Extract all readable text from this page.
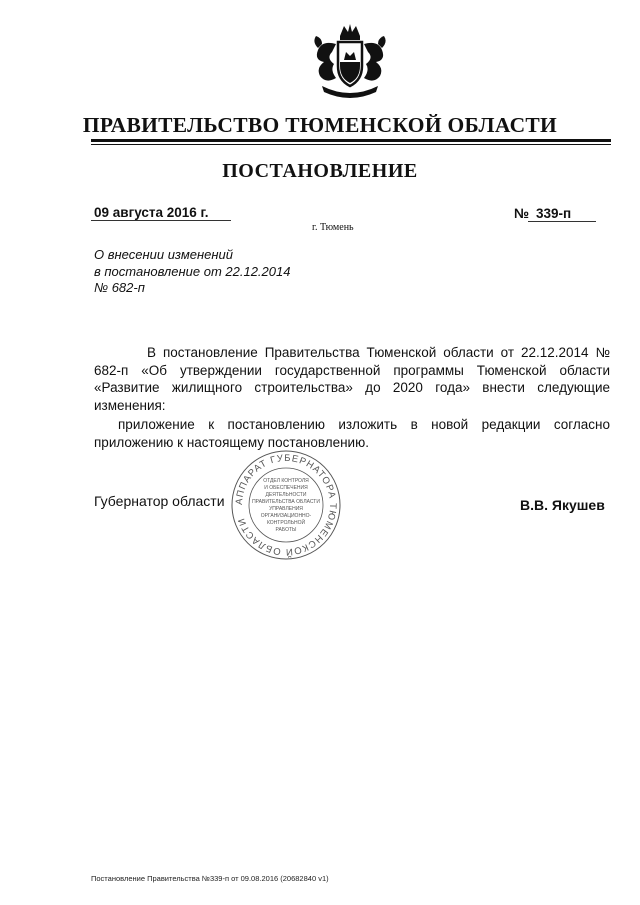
ПРАВИТЕЛЬСТВО ТЮМЕНСКОЙ ОБЛАСТИ
ПОСТАНОВЛЕНИЕ
09 августа 2016 г.
г. Тюмень
№ 339-п
О внесении изменений
в постановление от 22.12.2014
№ 682-п
В постановление Правительства Тюменской области от 22.12.2014 № 682-п «Об утверждении государственной программы Тюменской области «Развитие жилищного строительства» до 2020 года» внести следующие изменения:
приложение к постановлению изложить в новой редакции согласно приложению к настоящему постановлению.
Губернатор области	В.В. Якушев
АППАРАТ ГУБЕРНАТОРА ТЮМЕНСКОЙ ОБЛАСТИ
ОТДЕЛ КОНТРОЛЯ
И ОБЕСПЕЧЕНИЯ
ДЕЯТЕЛЬНОСТИ
ПРАВИТЕЛЬСТВА ОБЛАСТИ
УПРАВЛЕНИЯ
ОРГАНИЗАЦИОННО-
КОНТРОЛЬНОЙ
РАБОТЫ
Постановление Правительства №339-п от 09.08.2016 (20682840 v1)
